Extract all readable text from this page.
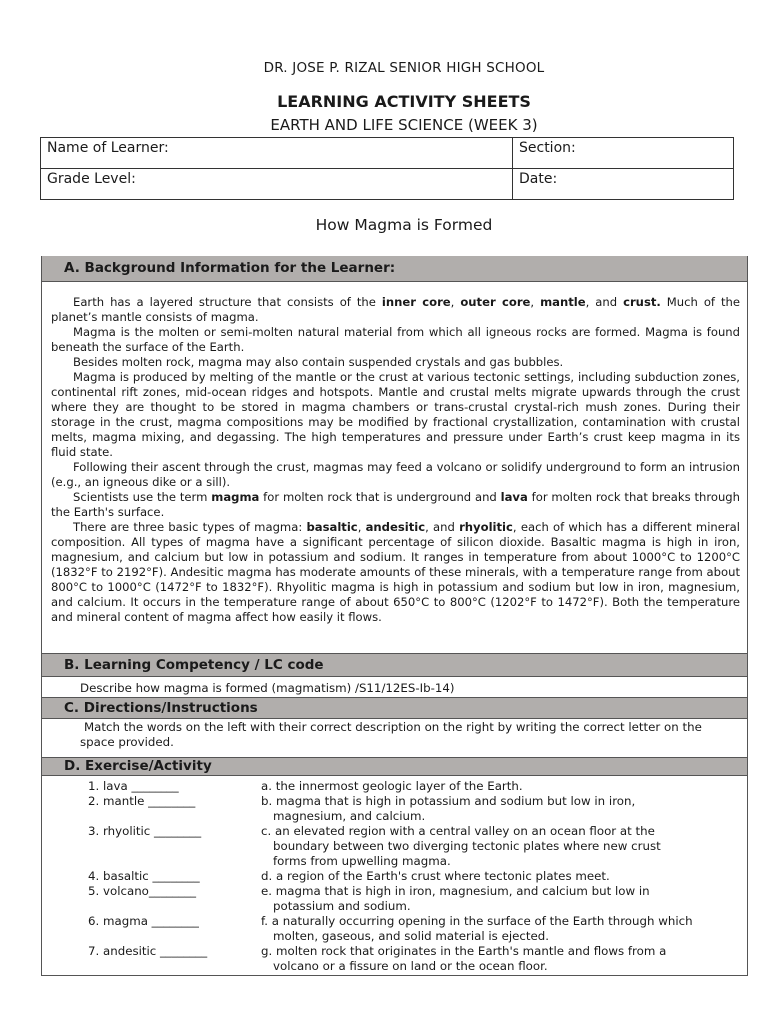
DR. JOSE P. RIZAL SENIOR HIGH SCHOOL
LEARNING ACTIVITY SHEETS
EARTH AND LIFE SCIENCE (WEEK 3)
Name of Learner:	Section:
Grade Level:	Date:
How Magma is Formed
A. Background Information for the Learner:

Earth has a layered structure that consists of the inner core, outer core, mantle, and crust. Much of the planet’s mantle consists of magma.

Magma is the molten or semi-molten natural material from which all igneous rocks are formed. Magma is found beneath the surface of the Earth.

Besides molten rock, magma may also contain suspended crystals and gas bubbles.

Magma is produced by melting of the mantle or the crust at various tectonic settings, including subduction zones, continental rift zones, mid-ocean ridges and hotspots. Mantle and crustal melts migrate upwards through the crust where they are thought to be stored in magma chambers or trans-crustal crystal-rich mush zones. During their storage in the crust, magma compositions may be modified by fractional crystallization, contamination with crustal melts, magma mixing, and degassing. The high temperatures and pressure under Earth’s crust keep magma in its fluid state.

Following their ascent through the crust, magmas may feed a volcano or solidify underground to form an intrusion (e.g., an igneous dike or a sill).

Scientists use the term magma for molten rock that is underground and lava for molten rock that breaks through the Earth's surface.

There are three basic types of magma: basaltic, andesitic, and rhyolitic, each of which has a different mineral composition. All types of magma have a significant percentage of silicon dioxide. Basaltic magma is high in iron, magnesium, and calcium but low in potassium and sodium. It ranges in temperature from about 1000°C to 1200°C (1832°F to 2192°F). Andesitic magma has moderate amounts of these minerals, with a temperature range from about 800°C to 1000°C (1472°F to 1832°F). Rhyolitic magma is high in potassium and sodium but low in iron, magnesium, and calcium. It occurs in the temperature range of about 650°C to 800°C (1202°F to 1472°F). Both the temperature and mineral content of magma affect how easily it flows.

B. Learning Competency / LC code
Describe how magma is formed (magmatism) /S11/12ES-Ib-14)
C. Directions/Instructions
Match the words on the left with their correct description on the right by writing the correct letter on the space provided.
D. Exercise/Activity
1. lava ________	a. the innermost geologic layer of the Earth.
2. mantle ________	b. magma that is high in potassium and sodium but low in iron, magnesium, and calcium.
3. rhyolitic ________	c. an elevated region with a central valley on an ocean floor at the boundary between two diverging tectonic plates where new crust forms from upwelling magma.
4. basaltic ________	d. a region of the Earth's crust where tectonic plates meet.
5. volcano________	e. magma that is high in iron, magnesium, and calcium but low in potassium and sodium.
6. magma ________	f. a naturally occurring opening in the surface of the Earth through which molten, gaseous, and solid material is ejected.
7. andesitic ________	g. molten rock that originates in the Earth's mantle and flows from a volcano or a fissure on land or the ocean floor.
